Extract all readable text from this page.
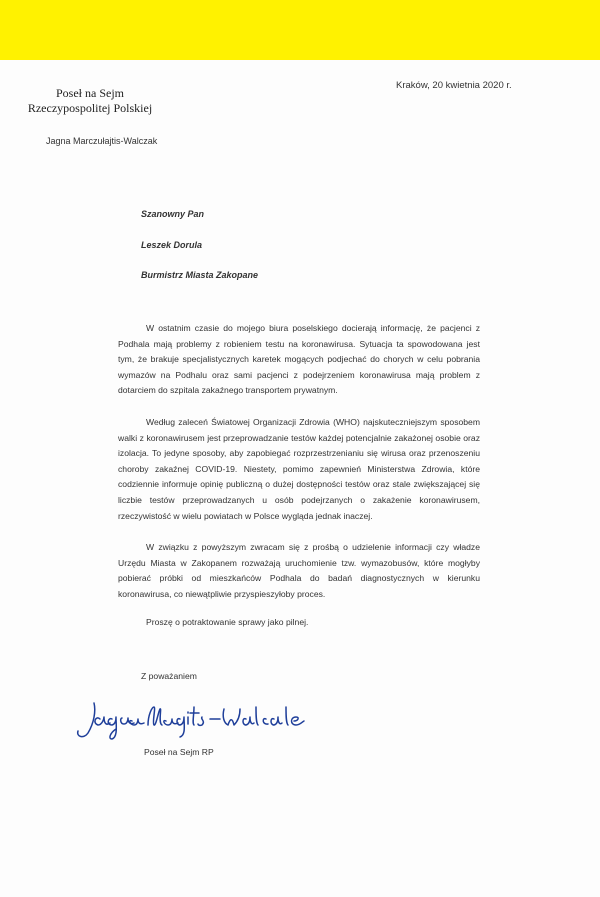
Poseł na Sejm
Rzeczypospolitej Polskiej
Jagna Marczułajtis-Walczak
Kraków, 20 kwietnia 2020 r.
Szanowny Pan
Leszek Dorula
Burmistrz Miasta Zakopane

W ostatnim czasie do mojego biura poselskiego docierają informację, że pacjenci z Podhala mają problemy z robieniem testu na koronawirusa. Sytuacja ta spowodowana jest tym, że brakuje specjalistycznych karetek mogących podjechać do chorych w celu pobrania wymazów na Podhalu oraz sami pacjenci z podejrzeniem koronawirusa mają problem z dotarciem do szpitala zakaźnego transportem prywatnym.

Według zaleceń Światowej Organizacji Zdrowia (WHO) najskuteczniejszym sposobem walki z koronawirusem jest przeprowadzanie testów każdej potencjalnie zakażonej osobie oraz izolacja. To jedyne sposoby, aby zapobiegać rozprzestrzenianiu się wirusa oraz przenoszeniu choroby zakaźnej COVID-19. Niestety, pomimo zapewnień Ministerstwa Zdrowia, które codziennie informuje opinię publiczną o dużej dostępności testów oraz stale zwiększającej się liczbie testów przeprowadzanych u osób podejrzanych o zakażenie koronawirusem, rzeczywistość w wielu powiatach w Polsce wygląda jednak inaczej.

W związku z powyższym zwracam się z prośbą o udzielenie informacji czy władze Urzędu Miasta w Zakopanem rozważają uruchomienie tzw. wymazobusów, które mogłyby pobierać próbki od mieszkańców Podhala do badań diagnostycznych w kierunku koronawirusa, co niewątpliwie przyspieszyłoby proces.

Proszę o potraktowanie sprawy jako pilnej.
Z poważaniem
Poseł na Sejm RP
